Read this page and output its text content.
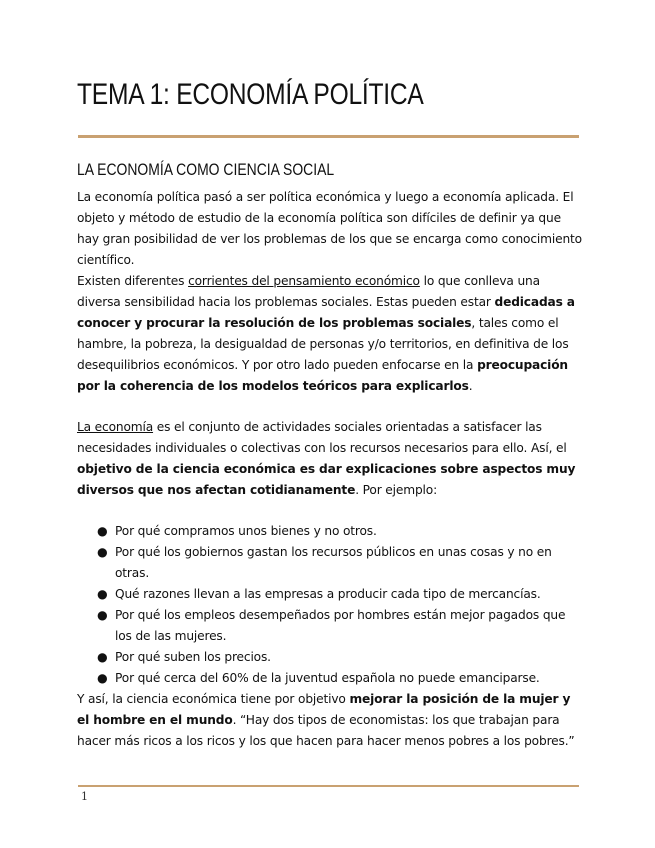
TEMA 1: ECONOMÍA POLÍTICA
LA ECONOMÍA COMO CIENCIA SOCIAL

La economía política pasó a ser política económica y luego a economía aplicada. El objeto y método de estudio de la economía política son difíciles de definir ya que hay gran posibilidad de ver los problemas de los que se encarga como conocimiento científico.

Existen diferentes corrientes del pensamiento económico lo que conlleva una diversa sensibilidad hacia los problemas sociales. Estas pueden estar dedicadas a conocer y procurar la resolución de los problemas sociales, tales como el hambre, la pobreza, la desigualdad de personas y/o territorios, en definitiva de los desequilibrios económicos. Y por otro lado pueden enfocarse en la preocupación por la coherencia de los modelos teóricos para explicarlos.

La economía es el conjunto de actividades sociales orientadas a satisfacer las necesidades individuales o colectivas con los recursos necesarios para ello. Así, el objetivo de la ciencia económica es dar explicaciones sobre aspectos muy diversos que nos afectan cotidianamente. Por ejemplo:

● Por qué compramos unos bienes y no otros.
● Por qué los gobiernos gastan los recursos públicos en unas cosas y no en otras.
● Qué razones llevan a las empresas a producir cada tipo de mercancías.
● Por qué los empleos desempeñados por hombres están mejor pagados que los de las mujeres.
● Por qué suben los precios.
● Por qué cerca del 60% de la juventud española no puede emanciparse.

Y así, la ciencia económica tiene por objetivo mejorar la posición de la mujer y el hombre en el mundo. “Hay dos tipos de economistas: los que trabajan para hacer más ricos a los ricos y los que hacen para hacer menos pobres a los pobres.”

1
